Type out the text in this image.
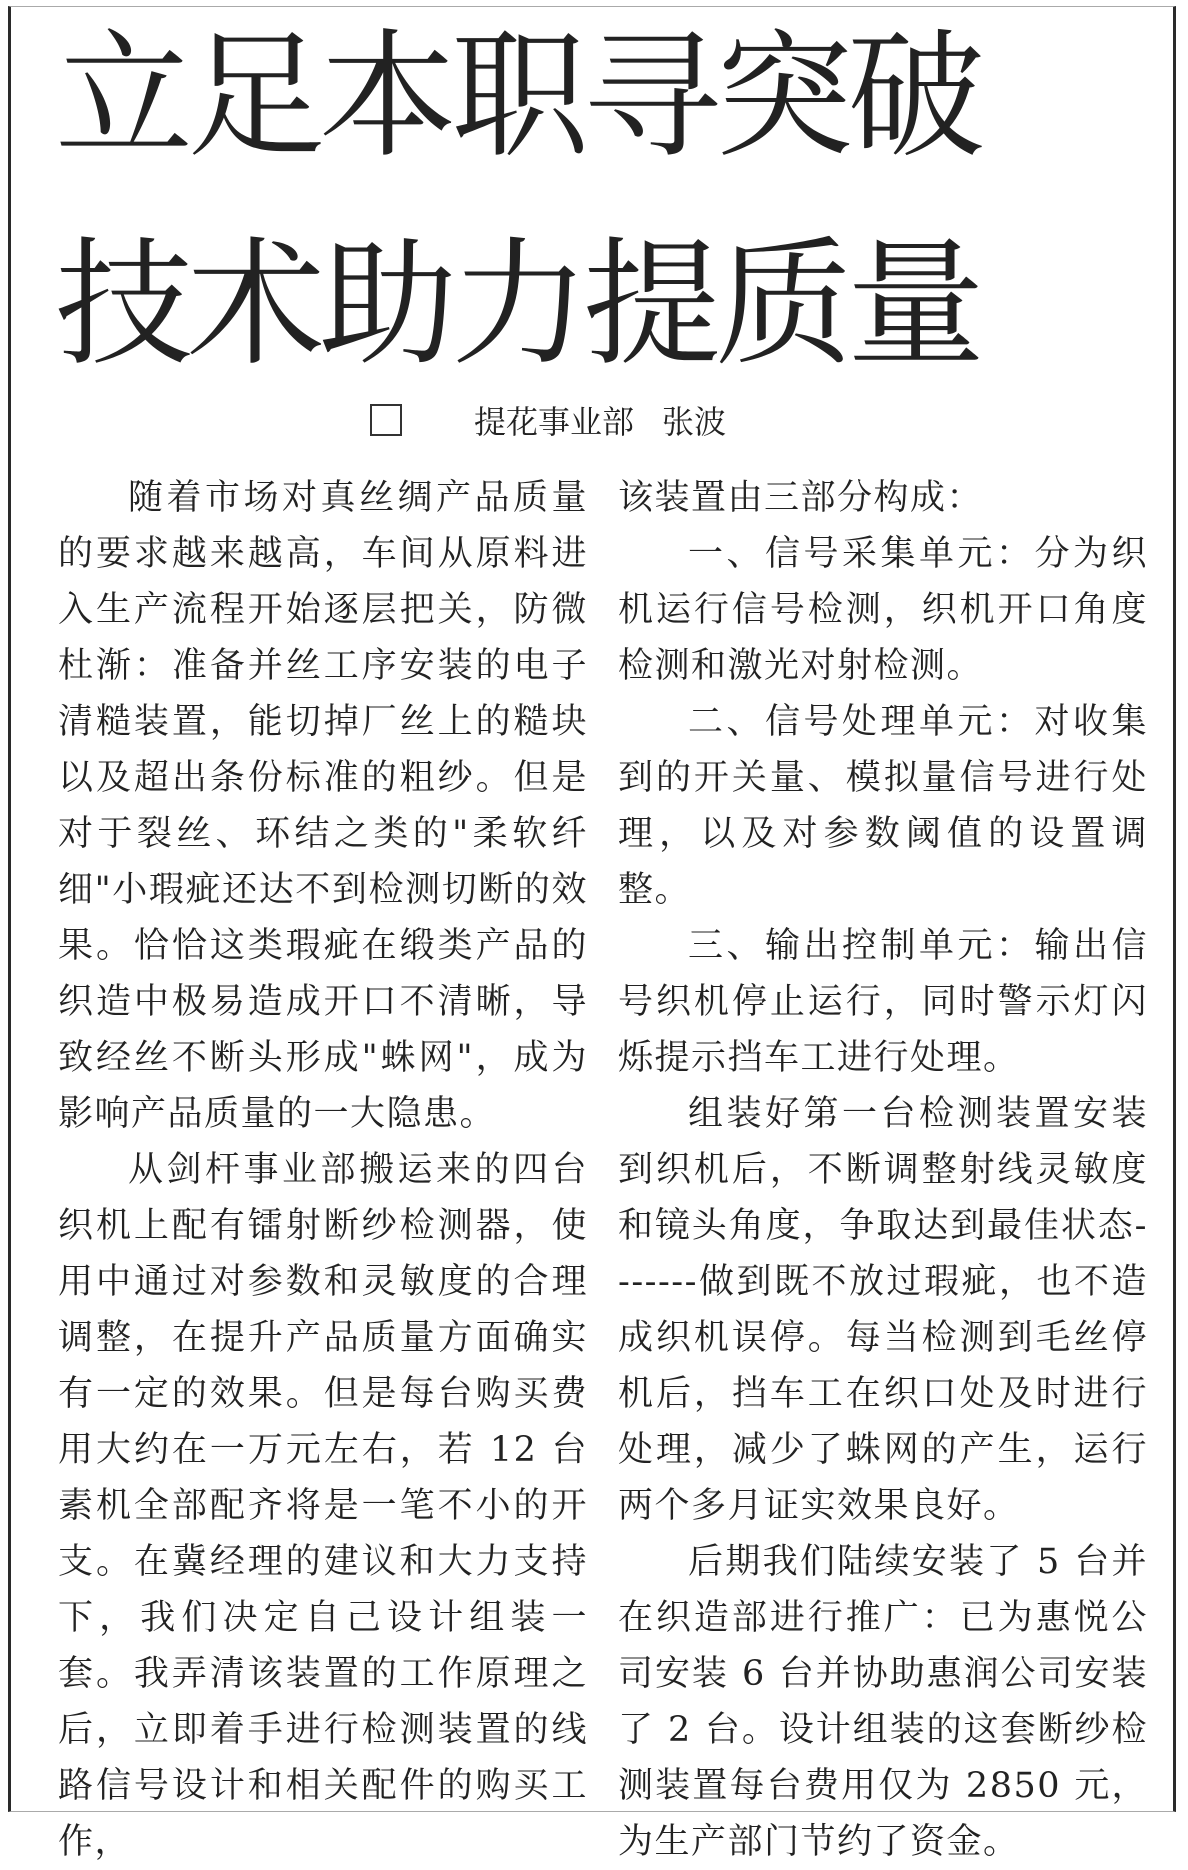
立足本职寻突破
技术助力提质量
提花事业部 张波

随着市场对真丝绸产品质量的要求越来越高，车间从原料进入生产流程开始逐层把关，防微杜渐：准备并丝工序安装的电子清糙装置，能切掉厂丝上的糙块以及超出条份标准的粗纱。但是对于裂丝、环结之类的"柔软纤细"小瑕疵还达不到检测切断的效果。恰恰这类瑕疵在缎类产品的织造中极易造成开口不清晰，导致经丝不断头形成"蛛网"，成为影响产品质量的一大隐患。

从剑杆事业部搬运来的四台织机上配有镭射断纱检测器，使用中通过对参数和灵敏度的合理调整，在提升产品质量方面确实有一定的效果。但是每台购买费用大约在一万元左右，若 12 台素机全部配齐将是一笔不小的开支。在冀经理的建议和大力支持下，我们决定自己设计组装一套。我弄清该装置的工作原理之后，立即着手进行检测装置的线路信号设计和相关配件的购买工作，

该装置由三部分构成：

一、信号采集单元：分为织机运行信号检测，织机开口角度检测和激光对射检测。

二、信号处理单元：对收集到的开关量、模拟量信号进行处理，以及对参数阈值的设置调整。

三、输出控制单元：输出信号织机停止运行，同时警示灯闪烁提示挡车工进行处理。

组装好第一台检测装置安装到织机后，不断调整射线灵敏度和镜头角度，争取达到最佳状态-------做到既不放过瑕疵，也不造成织机误停。每当检测到毛丝停机后，挡车工在织口处及时进行处理，减少了蛛网的产生，运行两个多月证实效果良好。

后期我们陆续安装了 5 台并在织造部进行推广：已为惠悦公司安装 6 台并协助惠润公司安装了 2 台。设计组装的这套断纱检测装置每台费用仅为 2850 元，为生产部门节约了资金。
